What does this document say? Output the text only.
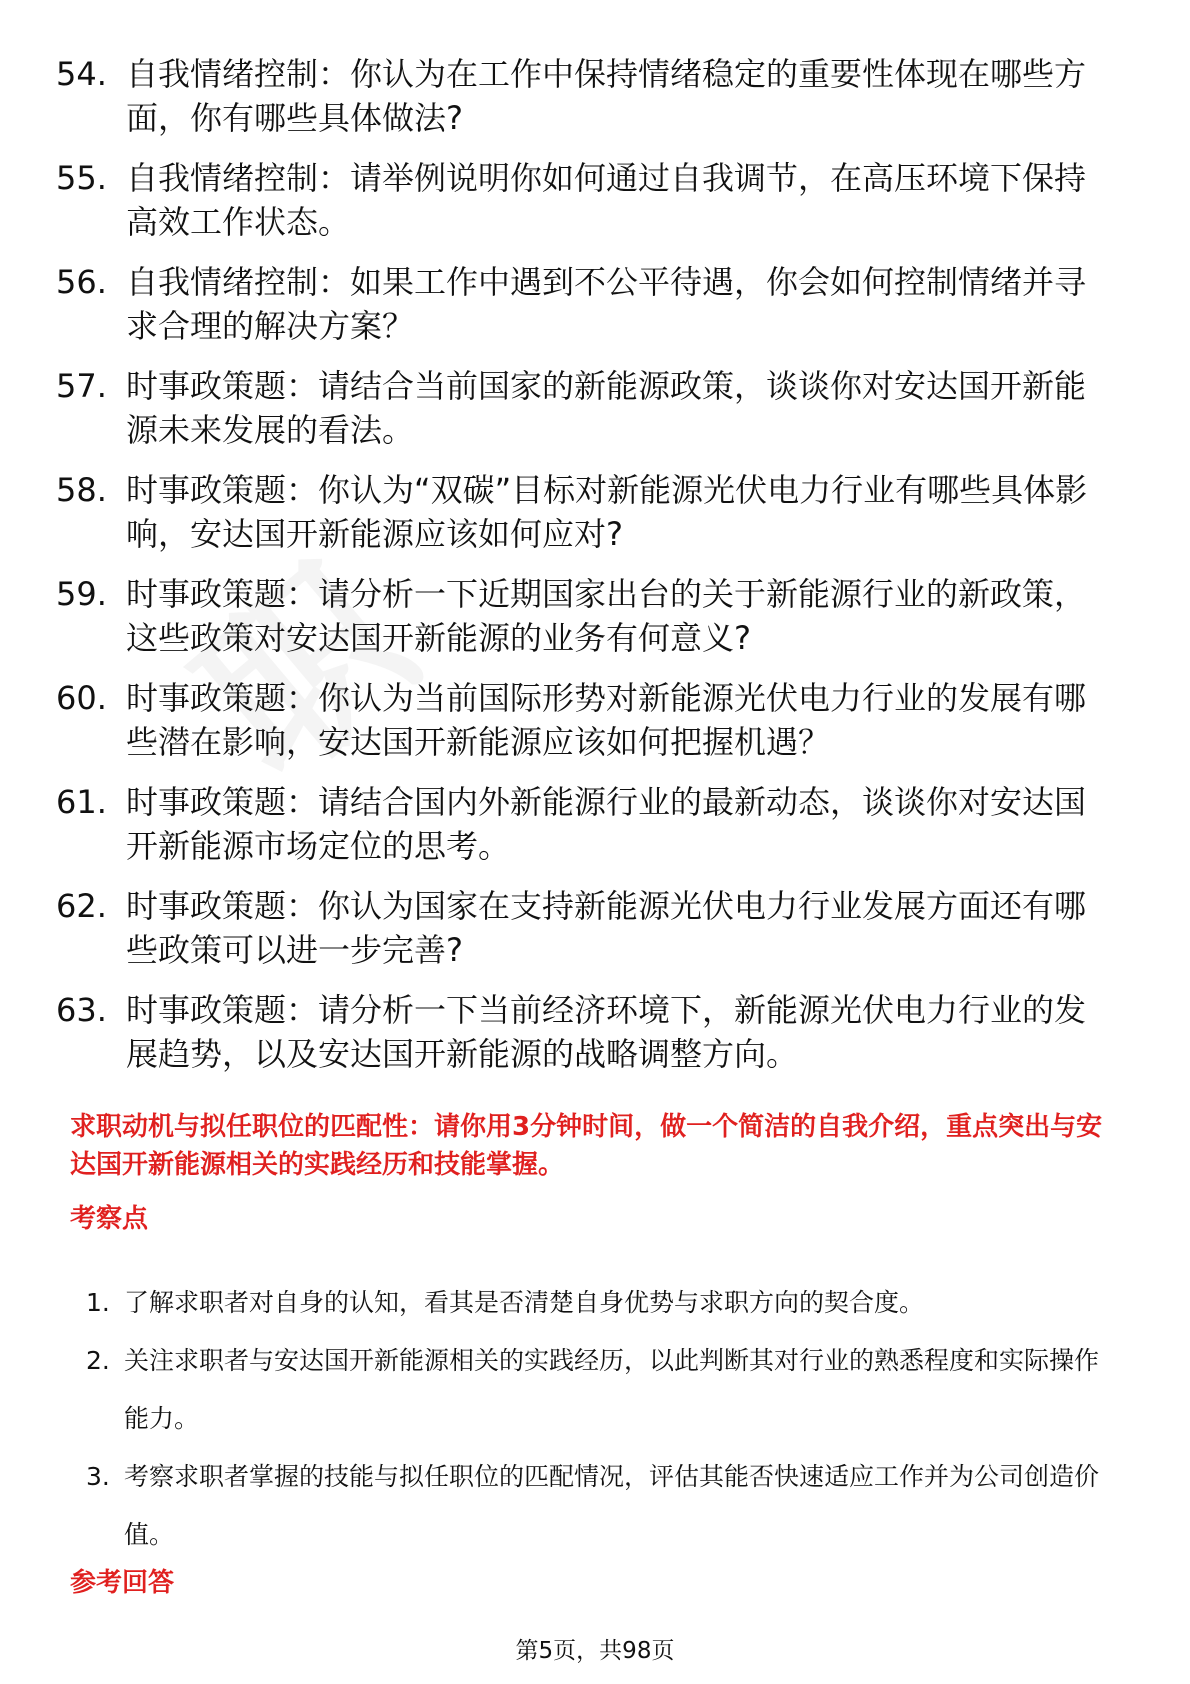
54. 自我情绪控制：你认为在工作中保持情绪稳定的重要性体现在哪些方面，你有哪些具体做法?
55. 自我情绪控制：请举例说明你如何通过自我调节，在高压环境下保持高效工作状态。
56. 自我情绪控制：如果工作中遇到不公平待遇，你会如何控制情绪并寻求合理的解决方案？
57. 时事政策题：请结合当前国家的新能源政策，谈谈你对安达国开新能源未来发展的看法。
58. 时事政策题：你认为“双碳”目标对新能源光伏电力行业有哪些具体影响，安达国开新能源应该如何应对?
59. 时事政策题：请分析一下近期国家出台的关于新能源行业的新政策，这些政策对安达国开新能源的业务有何意义?
60. 时事政策题：你认为当前国际形势对新能源光伏电力行业的发展有哪些潜在影响，安达国开新能源应该如何把握机遇？
61. 时事政策题：请结合国内外新能源行业的最新动态，谈谈你对安达国开新能源市场定位的思考。
62. 时事政策题：你认为国家在支持新能源光伏电力行业发展方面还有哪些政策可以进一步完善?
63. 时事政策题：请分析一下当前经济环境下，新能源光伏电力行业的发展趋势，以及安达国开新能源的战略调整方向。
求职动机与拟任职位的匹配性：请你用3分钟时间，做一个简洁的自我介绍，重点突出与安达国开新能源相关的实践经历和技能掌握。
考察点
1. 了解求职者对自身的认知，看其是否清楚自身优势与求职方向的契合度。
2. 关注求职者与安达国开新能源相关的实践经历，以此判断其对行业的熟悉程度和实际操作能力。
3. 考察求职者掌握的技能与拟任职位的匹配情况，评估其能否快速适应工作并为公司创造价值。
参考回答
第5页，共98页
